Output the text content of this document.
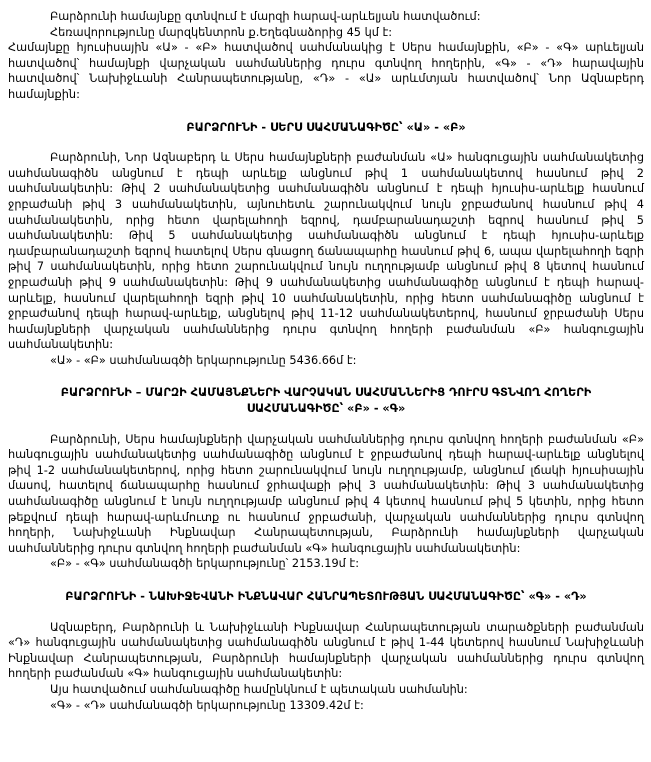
Բարձրունի համայնքը գտնվում է մարզի հարավ-արևելյան հատվածում:

Հեռավորությունը մարզկենտրոն ք.Եղեգնաձորից 45 կմ է:

Համայնքը հյուսիսային «Ա» - «Բ» հատվածով սահմանակից է Սերս համայնքին, «Բ» - «Գ» արևելյան հատվածով՝ համայնքի վարչական սահմաններից դուրս գտնվող հողերին, «Գ» - «Դ» հարավային հատվածով՝ Նախիջևանի Հանրապետությանը, «Դ» - «Ա» արևմտյան հատվածով՝ Նոր Ազնաբերդ համայնքին:

ԲԱՐՁՐՈՒՆԻ - ՍԵՐՍ ՍԱՀՄԱՆԱԳԻԾԸ՝ «Ա» - «Բ»

Բարձրունի, Նոր Ազնաբերդ և Սերս համայնքների բաժանման «Ա» հանգուցային սահմանակետից սահմանագիծն անցնում է դեպի արևելք անցնում թիվ 1 սահմանակետով հասնում թիվ 2 սահմանակետին: Թիվ 2 սահմանակետից սահմանագիծն անցնում է դեպի հյուսիս-արևելք հասնում ջրբաժանի թիվ 3 սահմանակետին, այնուհետև շարունակվում նույն ջրբաժանով հասնում թիվ 4 սահմանակետին, որից հետո վարելահողի եզրով, դամբարանադաշտի եզրով հասնում թիվ 5 սահմանակետին: Թիվ 5 սահմանակետից սահմանագիծն անցնում է դեպի հյուսիս-արևելք դամբարանադաշտի եզրով հատելով Սերս գնացող ճանապարհը հասնում թիվ 6, ապա վարելահողի եզրի թիվ 7 սահմանակետին, որից հետո շարունակվում նույն ուղղությամբ անցնում թիվ 8 կետով հասնում ջրբաժանի թիվ 9 սահմանակետին: Թիվ 9 սահմանակետից սահմանագիծը անցնում է դեպի հարավ-արևելք, հասնում վարելահողի եզրի թիվ 10 սահմանակետին, որից հետո սահմանագիծը անցնում է ջրբաժանով դեպի հարավ-արևելք, անցնելով թիվ 11-12 սահմանակետերով, հասնում ջրբաժանի Սերս համայնքների վարչական սահմաններից դուրս գտնվող հողերի բաժանման «Բ» հանգուցային սահմանակետին:

«Ա» - «Բ» սահմանագծի երկարությունը 5436.66մ է:

ԲԱՐՁՐՈՒՆԻ – ՄԱՐԶԻ ՀԱՄԱՅՆՔՆԵՐԻ ՎԱՐՉԱԿԱՆ ՍԱՀՄԱՆՆԵՐԻՑ ԴՈՒՐՍ ԳՏՆՎՈՂ ՀՈՂԵՐԻ ՍԱՀՄԱՆԱԳԻԾԸ՝ «Բ» - «Գ»

Բարձրունի, Սերս համայնքների վարչական սահմաններից դուրս գտնվող հողերի բաժանման «Բ» հանգուցային սահմանակետից սահմանագիծը անցնում է ջրբաժանով դեպի հարավ-արևելք անցնելով թիվ 1-2 սահմանակետերով, որից հետո շարունակվում նույն ուղղությամբ, անցնում լճակի հյուսիսային մասով, հատելով ճանապարհը հասնում ջրհավաքի թիվ 3 սահմանակետին: Թիվ 3 սահմանակետից սահմանագիծը անցնում է նույն ուղղությամբ անցնում թիվ 4 կետով հասնում թիվ 5 կետին, որից հետո թեքվում դեպի հարավ-արևմուտք ու հասնում ջրբաժանի, վարչական սահմաններից դուրս գտնվող հողերի, Նախիջևանի Ինքնավար Հանրապետության, Բարձրունի համայնքների վարչական սահմաններից դուրս գտնվող հողերի բաժանման «Գ» հանգուցային սահմանակետին:

«Բ» - «Գ» սահմանագծի երկարությունը՝ 2153.19մ է:

ԲԱՐՁՐՈՒՆԻ - ՆԱԽԻՋԵՎԱՆԻ ԻՆՔՆԱՎԱՐ ՀԱՆՐԱՊԵՏՈՒԹՅԱՆ ՍԱՀՄԱՆԱԳԻԾԸ՝ «Գ» - «Դ»

Ազնաբերդ, Բարձրունի և Նախիջևանի Ինքնավար Հանրապետության տարածքների բաժանման «Դ» հանգուցային սահմանակետից սահմանագիծն անցնում է թիվ 1-44 կետերով հասնում Նախիջևանի Ինքնավար Հանրապետության, Բարձրունի համայնքների վարչական սահմաններից դուրս գտնվող հողերի բաժանման «Գ» հանգուցային սահմանակետին:

Այս հատվածում սահմանագիծը համընկնում է պետական սահմանին:

«Գ» - «Դ» սահմանագծի երկարությունը 13309.42մ է:
